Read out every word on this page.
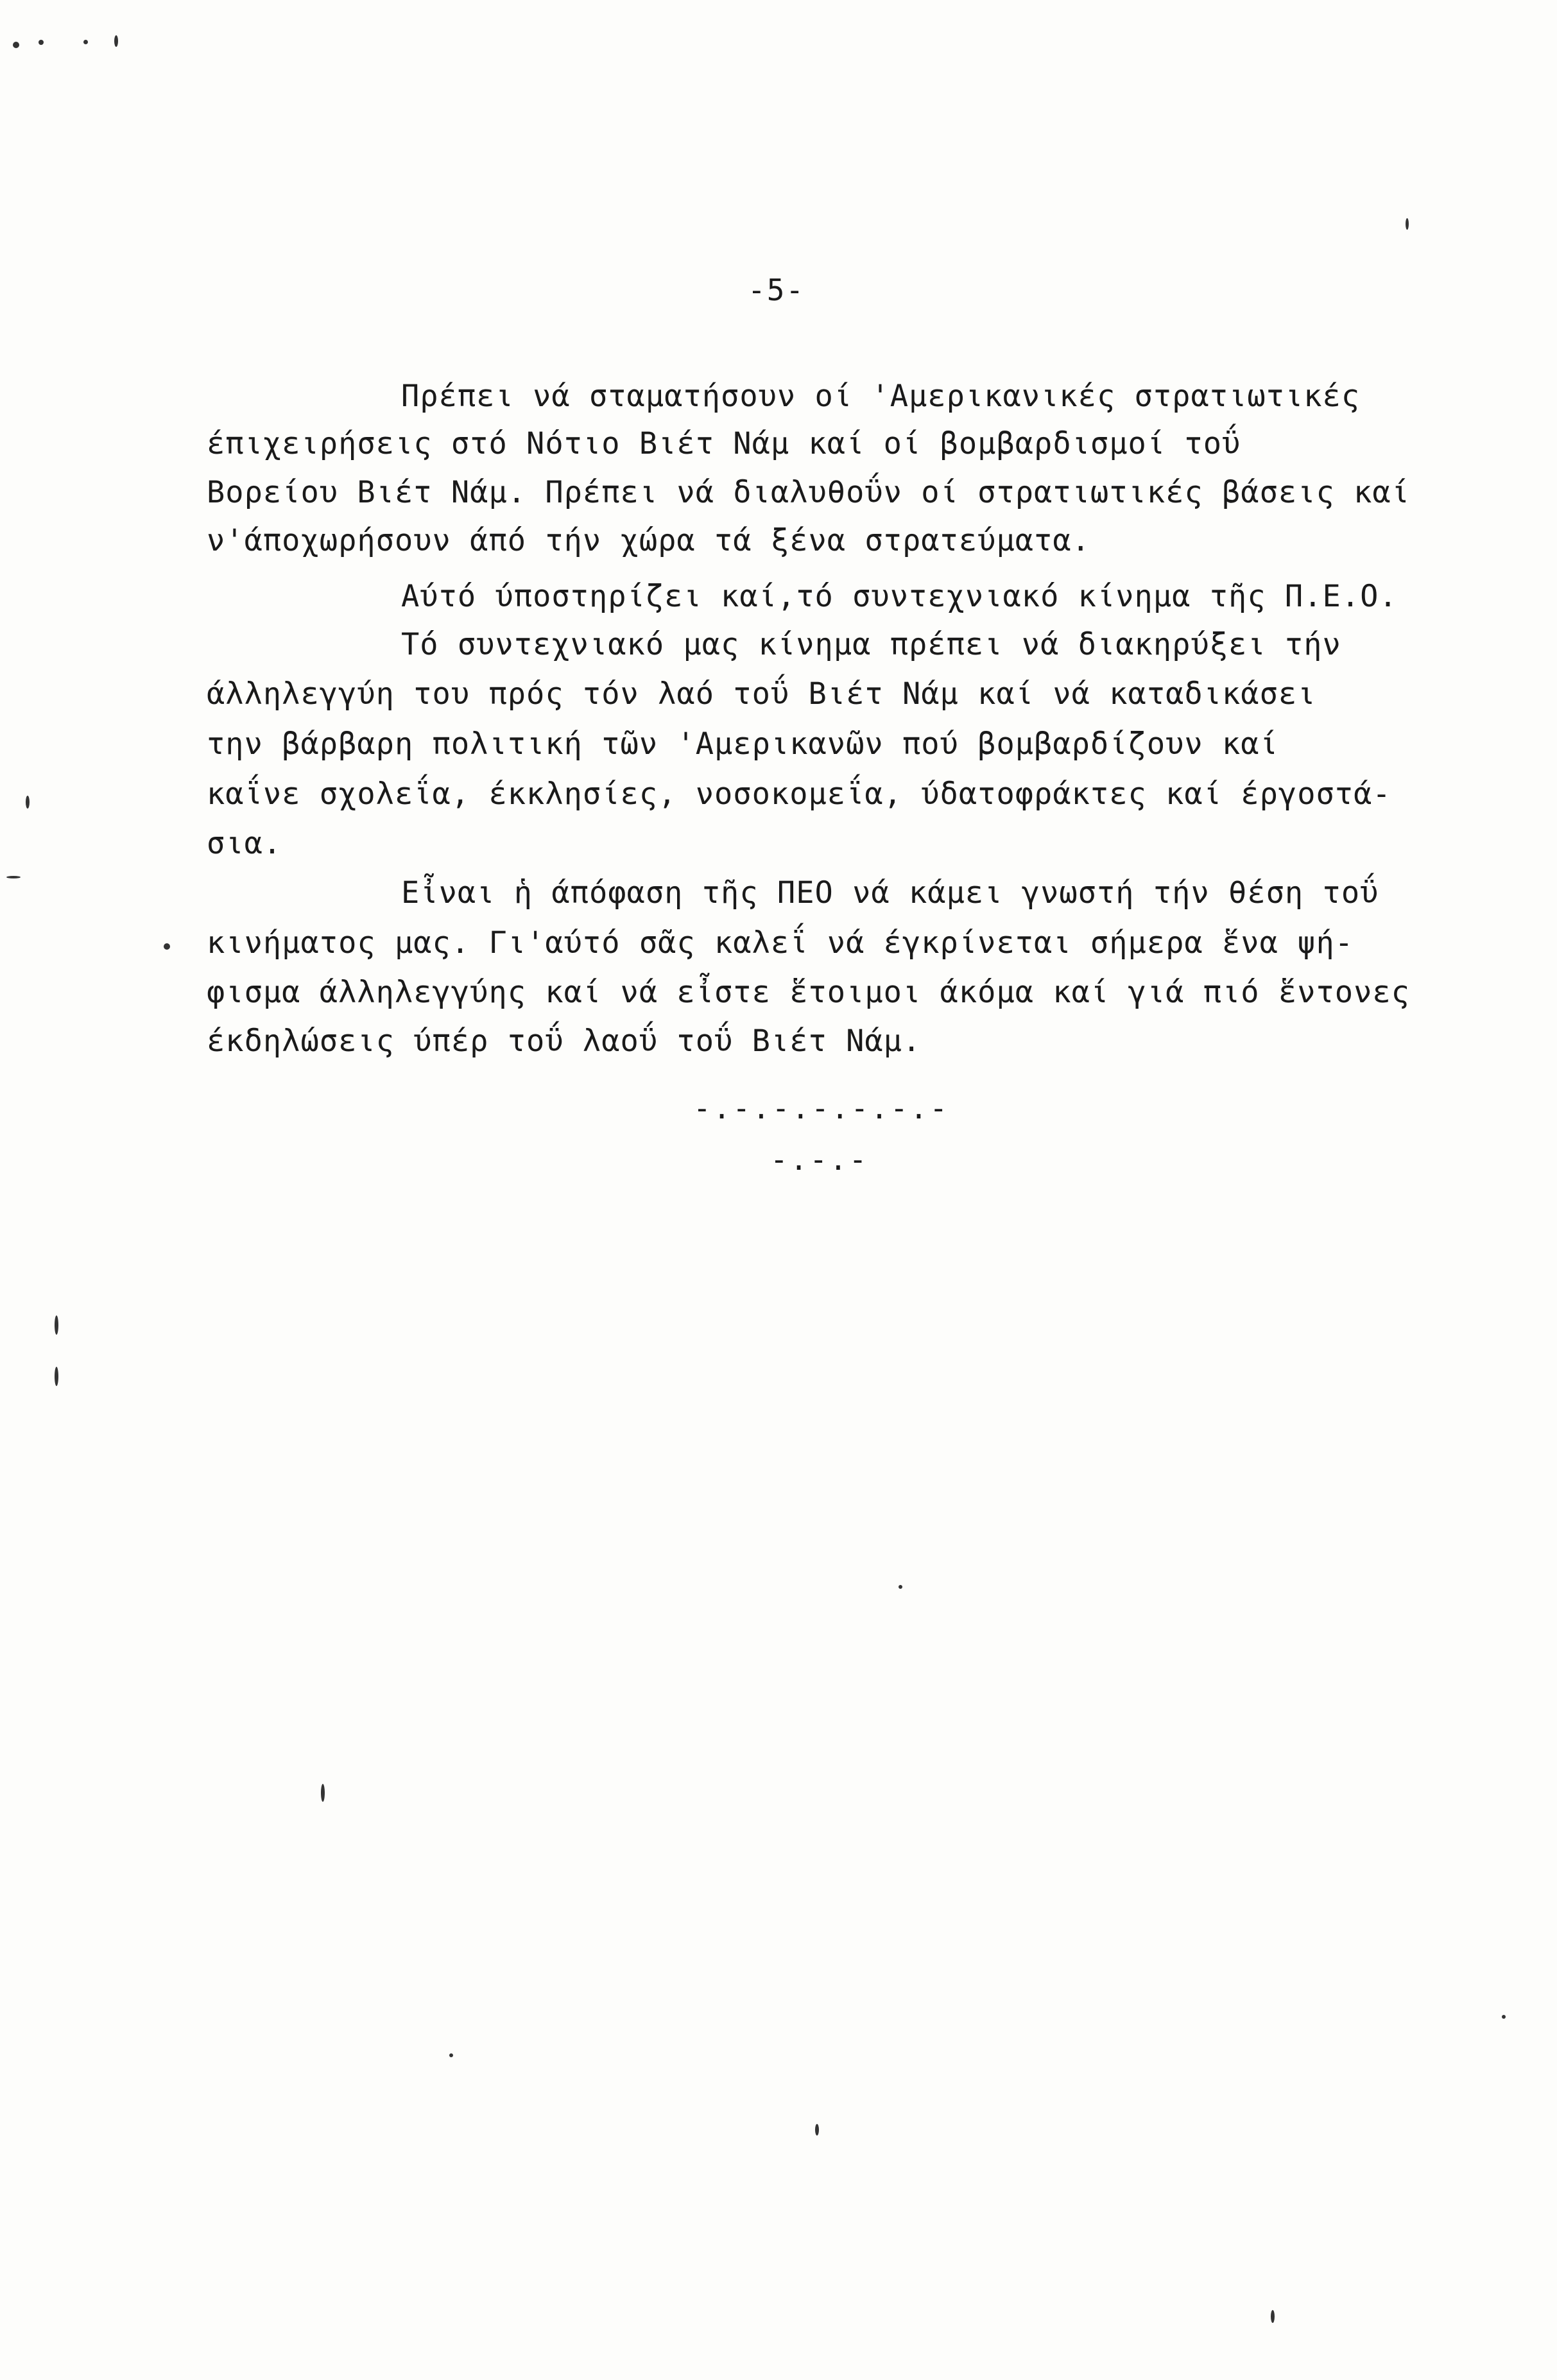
-5-
Πρέπει νά σταματήσουν οί 'Αμερικανικές στρατιωτικές
έπιχειρήσεις στό Νότιο Βιέτ Νάμ καί οί βομβαρδισμοί τοΰ
Βορείου Βιέτ Νάμ. Πρέπει νά διαλυθοΰν οί στρατιωτικές βάσεις καί
ν'άποχωρήσουν άπό τήν χώρα τά ξένα στρατεύματα.
Αύτό ύποστηρίζει καί,τό συντεχνιακό κίνημα τῆς Π.Ε.Ο.
Τό συντεχνιακό μας κίνημα πρέπει νά διακηρύξει τήν
άλληλεγγύη του πρός τόν λαό τοΰ Βιέτ Νάμ καί νά καταδικάσει
την βάρβαρη πολιτική τῶν 'Αμερικανῶν πού βομβαρδίζουν καί
καΐνε σχολεΐα, έκκλησίες, νοσοκομεΐα, ύδατοφράκτες καί έργοστά-
σια.
Εἶναι ἡ άπόφαση τῆς ΠΕΟ νά κάμει γνωστή τήν θέση τοΰ
κινήματος μας. Γι'αύτό σᾶς καλεΐ νά έγκρίνεται σήμερα ἕνα ψή-
φισμα άλληλεγγύης καί νά εἶστε ἕτοιμοι άκόμα καί γιά πιό ἕντονες
έκδηλώσεις ύπέρ τοΰ λαοΰ τοΰ Βιέτ Νάμ.
-.-.-.-.-.-.-
-.-.-
